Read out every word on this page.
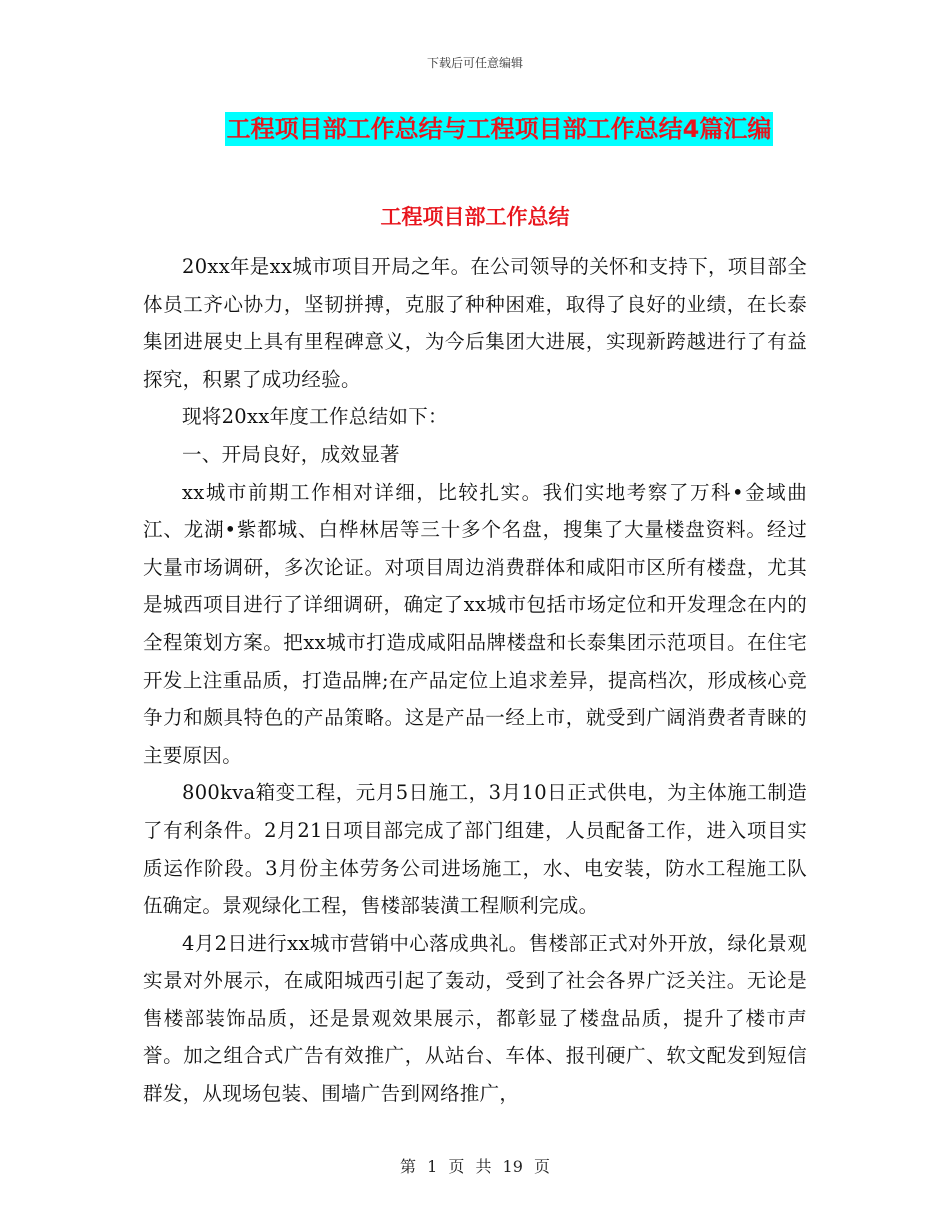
下载后可任意编辑
工程项目部工作总结与工程项目部工作总结4篇汇编
工程项目部工作总结

20xx年是xx城市项目开局之年。在公司领导的关怀和支持下，项目部全体员工齐心协力，坚韧拼搏，克服了种种困难，取得了良好的业绩，在长泰集团进展史上具有里程碑意义，为今后集团大进展，实现新跨越进行了有益探究，积累了成功经验。

现将20xx年度工作总结如下：

一、开局良好，成效显著

xx城市前期工作相对详细，比较扎实。我们实地考察了万科•金域曲江、龙湖•紫都城、白桦林居等三十多个名盘，搜集了大量楼盘资料。经过大量市场调研，多次论证。对项目周边消费群体和咸阳市区所有楼盘，尤其是城西项目进行了详细调研，确定了xx城市包括市场定位和开发理念在内的全程策划方案。把xx城市打造成咸阳品牌楼盘和长泰集团示范项目。在住宅开发上注重品质，打造品牌;在产品定位上追求差异，提高档次，形成核心竞争力和颇具特色的产品策略。这是产品一经上市，就受到广阔消费者青睐的主要原因。

800kva箱变工程，元月5日施工，3月10日正式供电，为主体施工制造了有利条件。2月21日项目部完成了部门组建，人员配备工作，进入项目实质运作阶段。3月份主体劳务公司进场施工，水、电安装，防水工程施工队伍确定。景观绿化工程，售楼部装潢工程顺利完成。

4月2日进行xx城市营销中心落成典礼。售楼部正式对外开放，绿化景观实景对外展示，在咸阳城西引起了轰动，受到了社会各界广泛关注。无论是售楼部装饰品质，还是景观效果展示，都彰显了楼盘品质，提升了楼市声誉。加之组合式广告有效推广，从站台、车体、报刊硬广、软文配发到短信群发，从现场包装、围墙广告到网络推广，

第 1 页 共 19 页
